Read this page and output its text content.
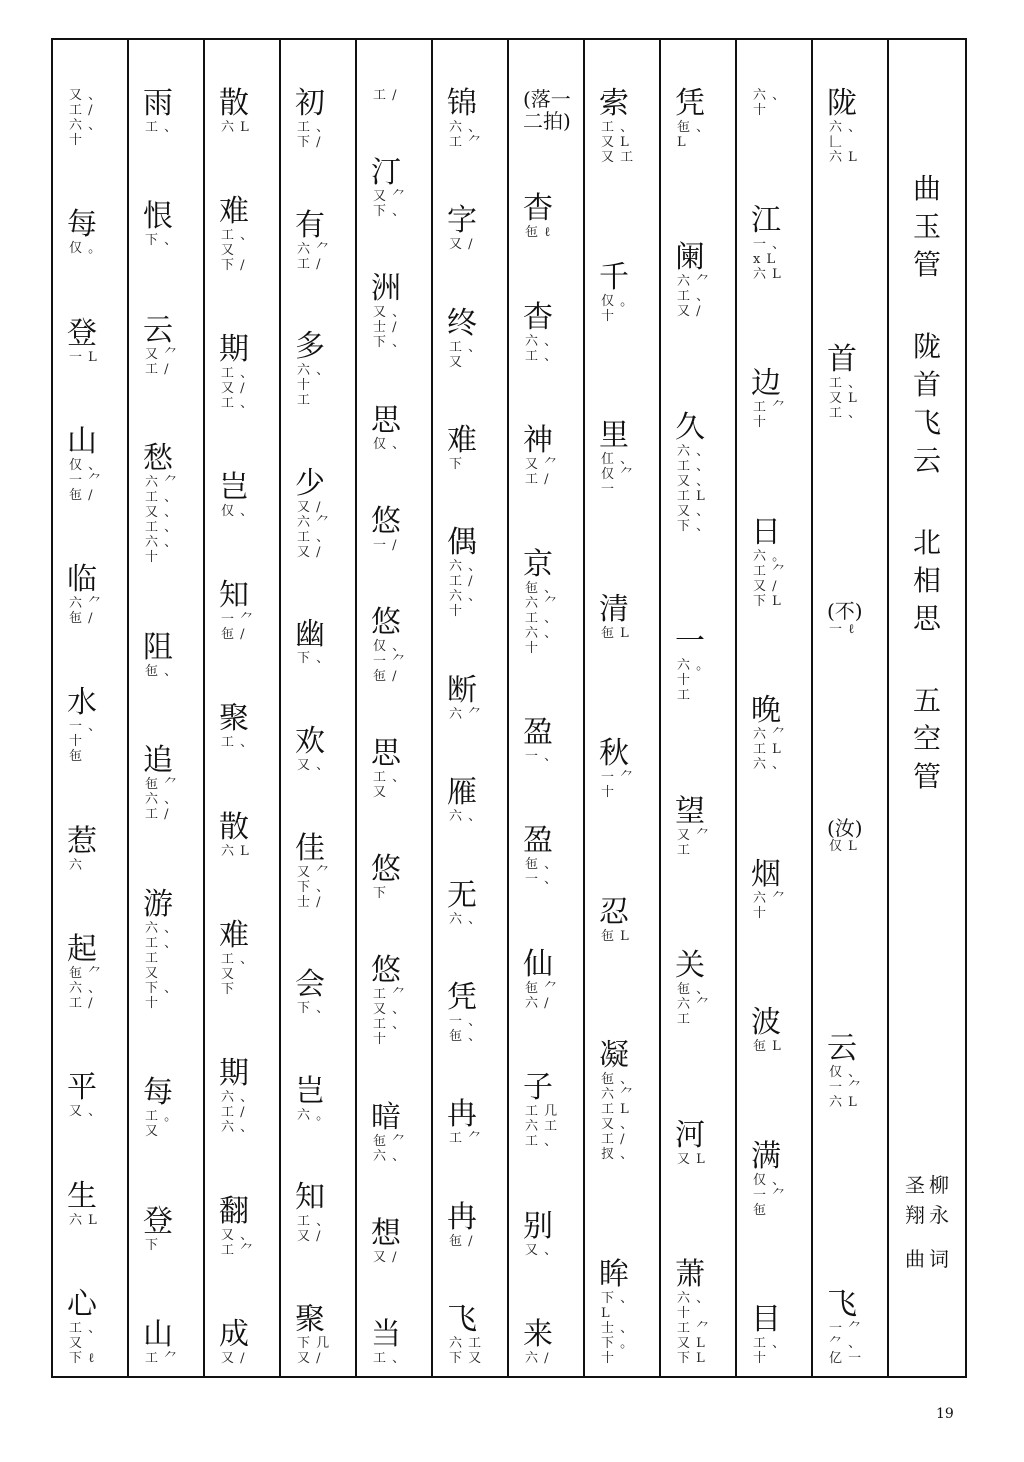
又 、
工 /
六 、
十
每
仅 。
登
一 L
山
仅 、
一 ⺈
㐌 /
临
六 ⺈
㐌 /
水
一 、
十
㐌
惹
六
起
㐌 ⺈
六 、
工 /
平
又 、
生
六 L
心
工 、
又
下 ℓ
雨
工 、
恨
下 、
云
又 ⺈
工 /
愁
六 ⺈
工 、
又 、
工 、
六 、
十
阻
㐌 、
追
㐌 ⺈
六 、
工 /
游
六 、
工 、
工
又
下 、
十
每
工 。
又
登
下
山
工 ⺈
散
六 L
难
工 、
又
下 /
期
工 、
又 /
工 、
岂
仅 、
知
一 ⺈
㐌 /
聚
工 、
散
六 L
难
工 、
又
下
期
六 、
工 /
六 、
翻
又 、
工 ⺈
成
又 /
初
工 、
下 /
有
六 ⺈
工 /
多
六 、
十
工
少
又 /
六 ⺈
工 、
又 /
幽
下 、
欢
又 、
佳
又 ⺈
下 、
士 /
会
下 、
岂
六 。
知
工 、
又 /
聚
下 几
又 /
工 /
汀
又 ⺈
下 、
洲
又 、
士 /
下 、
思
仅 、
悠
一 /
悠
仅 、
一 ⺈
㐌 /
思
工 、
又
悠
下
悠
工 ⺈
又 、
工 、
十
暗
㐌 ⺈
六 、
想
又 /
当
工 、
锦
六 、
工 ⺈
字
又 /
终
工 、
又
难
下
偶
六 、
工 /
六 、
十
断
六 ⺈
雁
六 、
无
六 、
凭
一 、
㐌 、
冉
工 ⺈
冉
㐌 /
飞
六 工
下 又
(落一二拍)
杳
㐌 ℓ
杳
六 、
工 、
神
又 ⺈
工 /
京
㐌 、
六 ⺈
工 、
六 、
十
盈
一 、
盈
㐌 、
一 、
仙
㐌 ⺈
六 /
子
工 几
六 工
工 、
别
又 、
来
六 /
索
工 、
又 L
又 工
千
仅 。
十
里
仜 、
仅 ⺈
一
清
㐌 L
秋
一 ⺈
十
忍
㐌 L
凝
㐌 、
六 ⺈
工 L
又 、
工 /
扠 、
眸
下 、
L
士 、
下 。
十
凭
㐌 、
L
阑
六 ⺈
工 、
又 /
久
六 、
工 、
又 、
工 L
又 、
下 、
一
六 。
十
工
望
又 ⺈
工
关
㐌 、
六 ⺈
工
河
又 L
萧
六 、
十
工 ⺈
又 L
下 L
六 、
十
江
一 、
ⅹ L
六 L
边
工 ⺈
十
日
六 。
工 ⺈
又 /
下 L
晚
六 ⺈
工 L
六 、
烟
六 ⺈
十
波
㐌 L
满
仅 、
一 ⺈
㐌
目
工 、
十
陇
六 、
𠃊
六 L
首
工 、
又 L
工 、
(不)
一 ℓ
(汝)
仅 L
云
仅 、
一 ⺈
六 L
飞
一 ⺈
⺈ 、
亿 一
曲
玉
管
陇
首
飞
云
北
相
思
五
空
管
圣
翔
曲
柳
永
词
19
